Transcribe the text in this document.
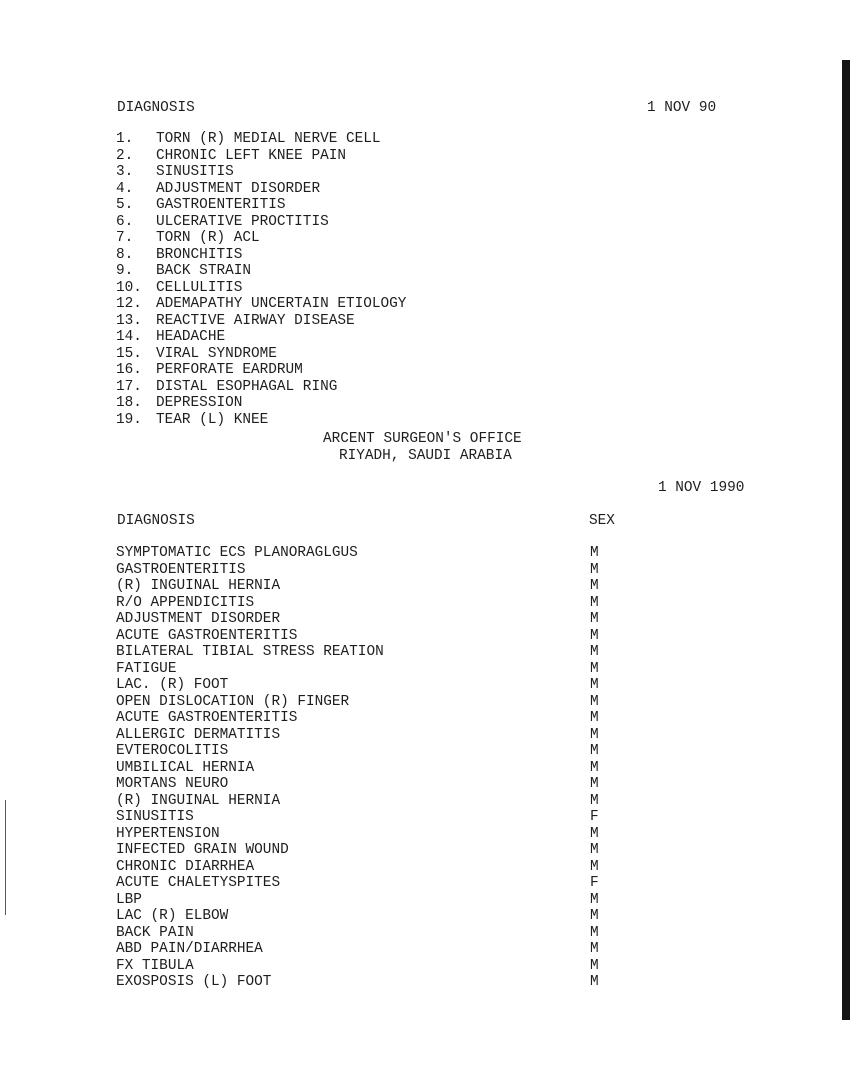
DIAGNOSIS	1 NOV 90
1. TORN (R) MEDIAL NERVE CELL
2. CHRONIC LEFT KNEE PAIN
3. SINUSITIS
4. ADJUSTMENT DISORDER
5. GASTROENTERITIS
6. ULCERATIVE PROCTITIS
7. TORN (R) ACL
8. BRONCHITIS
9. BACK STRAIN
10. CELLULITIS
12. ADEMAPATHY UNCERTAIN ETIOLOGY
13. REACTIVE AIRWAY DISEASE
14. HEADACHE
15. VIRAL SYNDROME
16. PERFORATE EARDRUM
17. DISTAL ESOPHAGAL RING
18. DEPRESSION
19. TEAR (L) KNEE
ARCENT SURGEON'S OFFICE
RIYADH, SAUDI ARABIA
1 NOV 1990
DIAGNOSIS	SEX
SYMPTOMATIC ECS PLANORAGLGUS	M
GASTROENTERITIS	M
(R) INGUINAL HERNIA	M
R/O APPENDICITIS	M
ADJUSTMENT DISORDER	M
ACUTE GASTROENTERITIS	M
BILATERAL TIBIAL STRESS REATION	M
FATIGUE	M
LAC. (R) FOOT	M
OPEN DISLOCATION (R) FINGER	M
ACUTE GASTROENTERITIS	M
ALLERGIC DERMATITIS	M
EVTEROCOLITIS	M
UMBILICAL HERNIA	M
MORTANS NEURO	M
(R) INGUINAL HERNIA	M
SINUSITIS	F
HYPERTENSION	M
INFECTED GRAIN WOUND	M
CHRONIC DIARRHEA	M
ACUTE CHALETYSPITES	F
LBP	M
LAC (R) ELBOW	M
BACK PAIN	M
ABD PAIN/DIARRHEA	M
FX TIBULA	M
EXOSPOSIS (L) FOOT	M
